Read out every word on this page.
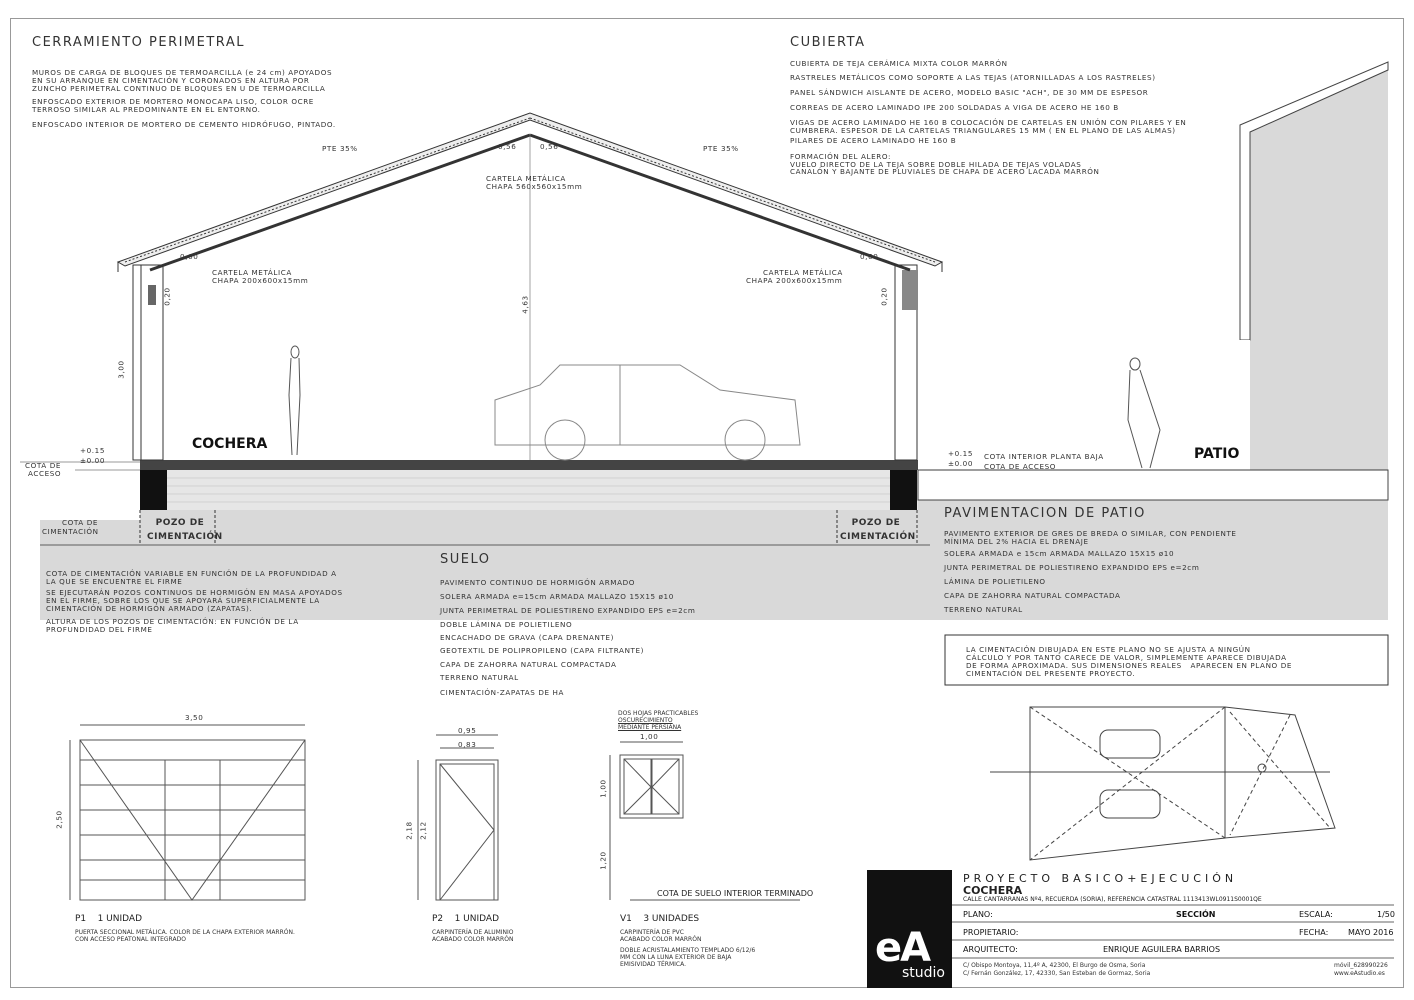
CERRAMIENTO PERIMETRAL
MUROS DE CARGA DE BLOQUES DE TERMOARCILLA (e 24 cm) APOYADOS
EN SU ARRANQUE EN CIMENTACIÓN Y CORONADOS EN ALTURA POR
ZUNCHO PERIMETRAL CONTINUO DE BLOQUES EN U DE TERMOARCILLA
ENFOSCADO EXTERIOR DE MORTERO MONOCAPA LISO, COLOR OCRE
TERROSO SIMILAR AL PREDOMINANTE EN EL ENTORNO.
ENFOSCADO INTERIOR DE MORTERO DE CEMENTO HIDRÓFUGO, PINTADO.
CUBIERTA
CUBIERTA DE TEJA CERÁMICA MIXTA COLOR MARRÓN
RASTRELES METÁLICOS COMO SOPORTE A LAS TEJAS (ATORNILLADAS A LOS RASTRELES)
PANEL SÁNDWICH AISLANTE DE ACERO, MODELO BASIC "ACH", DE 30 MM DE ESPESOR
CORREAS DE ACERO LAMINADO IPE 200 SOLDADAS A VIGA DE ACERO HE 160 B
VIGAS DE ACERO LAMINADO HE 160 B COLOCACIÓN DE CARTELAS EN UNIÓN CON PILARES Y EN
CUMBRERA. ESPESOR DE LA CARTELAS TRIANGULARES 15 MM ( EN EL PLANO DE LAS ALMAS)
PILARES DE ACERO LAMINADO HE 160 B
FORMACIÓN DEL ALERO:
VUELO DIRECTO DE LA TEJA SOBRE DOBLE HILADA DE TEJAS VOLADAS
CANALÓN Y BAJANTE DE PLUVIALES DE CHAPA DE ACERO LACADA MARRÓN
PTE 35%	PTE 35%
0,56	0,56
CARTELA METÁLICA
CHAPA 560x560x15mm
CARTELA METÁLICA
CHAPA 200x600x15mm
CARTELA METÁLICA
CHAPA 200x600x15mm
0,60	0,60
0,20	0,20
3,00
4,63
COCHERA
PATIO
+0.15
±0.00
+0.15
±0.00
COTA DE
ACCESO
COTA DE
CIMENTACIÓN
POZO DE
CIMENTACIÓN
POZO DE
CIMENTACIÓN
COTA INTERIOR PLANTA BAJA
COTA DE ACCESO
COTA DE CIMENTACIÓN VARIABLE EN FUNCIÓN DE LA PROFUNDIDAD A
LA QUE SE ENCUENTRE EL FIRME
SE EJECUTARÁN POZOS CONTINUOS DE HORMIGÓN EN MASA APOYADOS
EN EL FIRME, SOBRE LOS QUE SE APOYARÁ SUPERFICIALMENTE LA
CIMENTACIÓN DE HORMIGÓN ARMADO (ZAPATAS).
ALTURA DE LOS POZOS DE CIMENTACIÓN: EN FUNCIÓN DE LA
PROFUNDIDAD DEL FIRME
SUELO
PAVIMENTO CONTINUO DE HORMIGÓN ARMADO
SOLERA ARMADA e=15cm ARMADA MALLAZO 15X15 ø10
JUNTA PERIMETRAL DE POLIESTIRENO EXPANDIDO EPS e=2cm
DOBLE LÁMINA DE POLIETILENO
ENCACHADO DE GRAVA (CAPA DRENANTE)
GEOTEXTIL DE POLIPROPILENO (CAPA FILTRANTE)
CAPA DE ZAHORRA NATURAL COMPACTADA
TERRENO NATURAL
CIMENTACIÓN-ZAPATAS DE HA
PAVIMENTACION DE PATIO
PAVIMENTO EXTERIOR DE GRES DE BREDA O SIMILAR, CON PENDIENTE
MÍNIMA DEL 2% HACIA EL DRENAJE
SOLERA ARMADA e 15cm ARMADA MALLAZO 15X15 ø10
JUNTA PERIMETRAL DE POLIESTIRENO EXPANDIDO EPS e=2cm
LÁMINA DE POLIETILENO
CAPA DE ZAHORRA NATURAL COMPACTADA
TERRENO NATURAL
LA CIMENTACIÓN DIBUJADA EN ESTE PLANO NO SE AJUSTA A NINGÚN
CÁLCULO Y POR TANTO CARECE DE VALOR, SIMPLEMENTE APARECE DIBUJADA
DE FORMA APROXIMADA. SUS DIMENSIONES REALES   APARECEN EN PLANO DE
CIMENTACIÓN DEL PRESENTE PROYECTO.
3,50
2,50
P1    1 UNIDAD
PUERTA SECCIONAL METÁLICA. COLOR DE LA CHAPA EXTERIOR MARRÓN.
CON ACCESO PEATONAL INTEGRADO
0,95
0,83
2,18 2,12
P2    1 UNIDAD
CARPINTERÍA DE ALUMINIO
ACABADO COLOR MARRÓN
DOS HOJAS PRACTICABLES
OSCURECIMIENTO
MEDIANTE PERSIANA
1,00
1,00
1,20
V1    3 UNIDADES
CARPINTERÍA DE PVC
ACABADO COLOR MARRÓN
DOBLE ACRISTALAMIENTO TEMPLADO 6/12/6
MM CON LA LUNA EXTERIOR DE BAJA
EMISIVIDAD TÉRMICA.
COTA DE SUELO INTERIOR TERMINADO
eA
studio
PROYECTO BASICO+EJECUCIÓN
COCHERA
CALLE CANTARRANAS Nº4, RECUERDA (SORIA), REFERENCIA CATASTRAL 1113413WL0911S0001QE
PLANO:	SECCIÓN	ESCALA:	1/50
PROPIETARIO:	FECHA: MAYO 2016
ARQUITECTO:	ENRIQUE AGUILERA BARRIOS
C/ Obispo Montoya, 11,4º A, 42300, El Burgo de Osma, Soria
C/ Fernán González, 17, 42330, San Esteban de Gormaz, Soria
móvil_628990226
www.eAstudio.es
